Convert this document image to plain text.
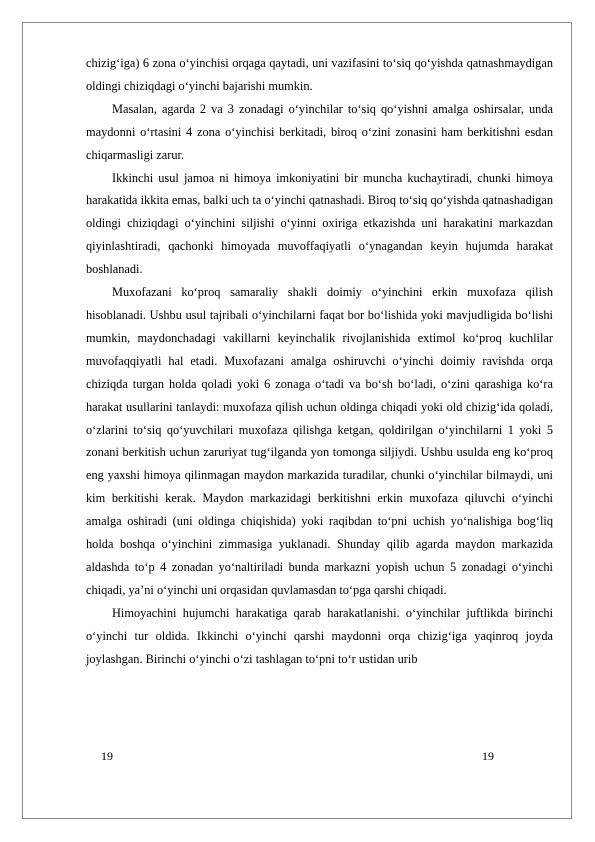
chizig‘iga) 6 zona o‘yinchisi orqaga qaytadi, uni vazifasini to‘siq qo‘yishda qatnashmaydigan oldingi chiziqdagi o‘yinchi bajarishi mumkin.

Masalan, agarda 2 va 3 zonadagi o‘yinchilar to‘siq qo‘yishni amalga oshirsalar, unda maydonni o‘rtasini 4 zona o‘yinchisi berkitadi, biroq o‘zini zonasini ham berkitishni esdan chiqarmasligi zarur.

Ikkinchi usul jamoa ni himoya imkoniyatini bir muncha kuchaytiradi, chunki himoya harakatida ikkita emas, balki uch ta o‘yinchi qatnashadi. Biroq to‘siq qo‘yishda qatnashadigan oldingi chiziqdagi o‘yinchini siljishi o‘yinni oxiriga etkazishda uni harakatini markazdan qiyinlashtiradi, qachonki himoyada muvoffaqiyatli o‘ynagandan keyin hujumda harakat boshlanadi.

Muxofazani ko‘proq samaraliy shakli doimiy o‘yinchini erkin muxofaza qilish hisoblanadi. Ushbu usul tajribali o‘yinchilarni faqat bor bo‘lishida yoki mavjudligida bo‘lishi mumkin, maydonchadagi vakillarni keyinchalik rivojlanishida extimol ko‘proq kuchlilar muvofaqqiyatli hal etadi. Muxofazani amalga oshiruvchi o‘yinchi doimiy ravishda orqa chiziqda turgan holda qoladi yoki 6 zonaga o‘tadi va bo‘sh bo‘ladi, o‘zini qarashiga ko‘ra harakat usullarini tanlaydi: muxofaza qilish uchun oldinga chiqadi yoki old chizig‘ida qoladi, o‘zlarini to‘siq qo‘yuvchilari muxofaza qilishga ketgan, qoldirilgan o‘yinchilarni 1 yoki 5 zonani berkitish uchun zaruriyat tug‘ilganda yon tomonga siljiydi. Ushbu usulda eng ko‘proq eng yaxshi himoya qilinmagan maydon markazida turadilar, chunki o‘yinchilar bilmaydi, uni kim berkitishi kerak. Maydon markazidagi berkitishni erkin muxofaza qiluvchi o‘yinchi amalga oshiradi (uni oldinga chiqishida) yoki raqibdan to‘pni uchish yo‘nalishiga bog‘liq holda boshqa o‘yinchini zimmasiga yuklanadi. Shunday qilib agarda maydon markazida aldashda to‘p 4 zonadan yo‘naltiriladi bunda markazni yopish uchun 5 zonadagi o‘yinchi chiqadi, ya’ni o‘yinchi uni orqasidan quvlamasdan to‘pga qarshi chiqadi.

Himoyachini hujumchi harakatiga qarab harakatlanishi. o‘yinchilar juftlikda birinchi o‘yinchi tur oldida. Ikkinchi o‘yinchi qarshi maydonni orqa chizig‘iga yaqinroq joyda joylashgan. Birinchi o‘yinchi o‘zi tashlagan to‘pni to‘r ustidan urib

19	19
